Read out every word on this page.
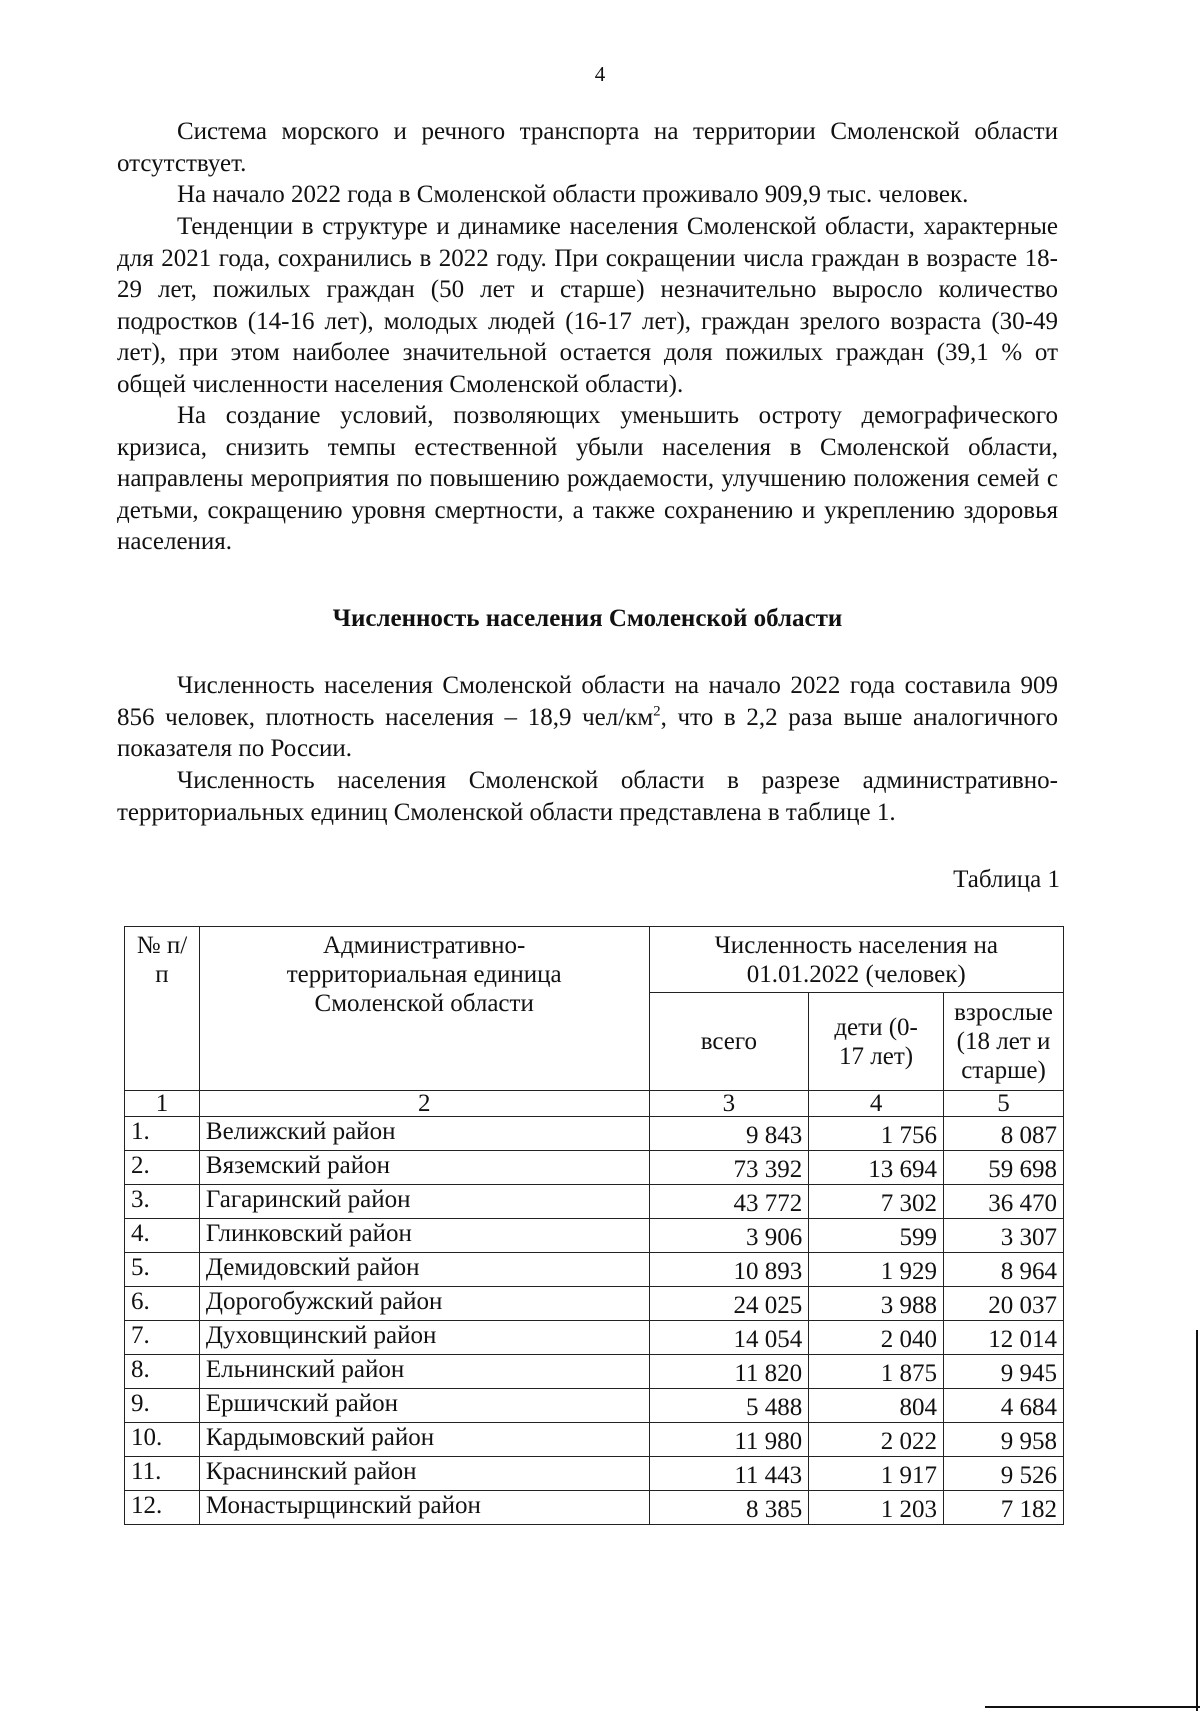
4

Система морского и речного транспорта на территории Смоленской области отсутствует.

На начало 2022 года в Смоленской области проживало 909,9 тыс. человек.

Тенденции в структуре и динамике населения Смоленской области, характерные для 2021 года, сохранились в 2022 году. При сокращении числа граждан в возрасте 18-29 лет, пожилых граждан (50 лет и старше) незначительно выросло количество подростков (14-16 лет), молодых людей (16-17 лет), граждан зрелого возраста (30-49 лет), при этом наиболее значительной остается доля пожилых граждан (39,1 % от общей численности населения Смоленской области).

На создание условий, позволяющих уменьшить остроту демографического кризиса, снизить темпы естественной убыли населения в Смоленской области, направлены мероприятия по повышению рождаемости, улучшению положения семей с детьми, сокращению уровня смертности, а также сохранению и укреплению здоровья населения.

Численность населения Смоленской области

Численность населения Смоленской области на начало 2022 года составила 909 856 человек, плотность населения – 18,9 чел/$км^2$, что в 2,2 раза выше аналогичного показателя по России.

Численность населения Смоленской области в разрезе административно-территориальных единиц Смоленской области представлена в таблице 1.

Таблица 1
№ п/п	Административно-территориальная единица Смоленской области	Численность населения на 01.01.2022 (человек)		
		всего	дети (0-17 лет)	взрослые (18 лет и старше)
1	2	3	4	5
1.	Велижский район	9 843	1 756	8 087
2.	Вяземский район	73 392	13 694	59 698
3.	Гагаринский район	43 772	7 302	36 470
4.	Глинковский район	3 906	599	3 307
5.	Демидовский район	10 893	1 929	8 964
6.	Дорогобужский район	24 025	3 988	20 037
7.	Духовщинский район	14 054	2 040	12 014
8.	Ельнинский район	11 820	1 875	9 945
9.	Ершичский район	5 488	804	4 684
10.	Кардымовский район	11 980	2 022	9 958
11.	Краснинский район	11 443	1 917	9 526
12.	Монастырщинский район	8 385	1 203	7 182
